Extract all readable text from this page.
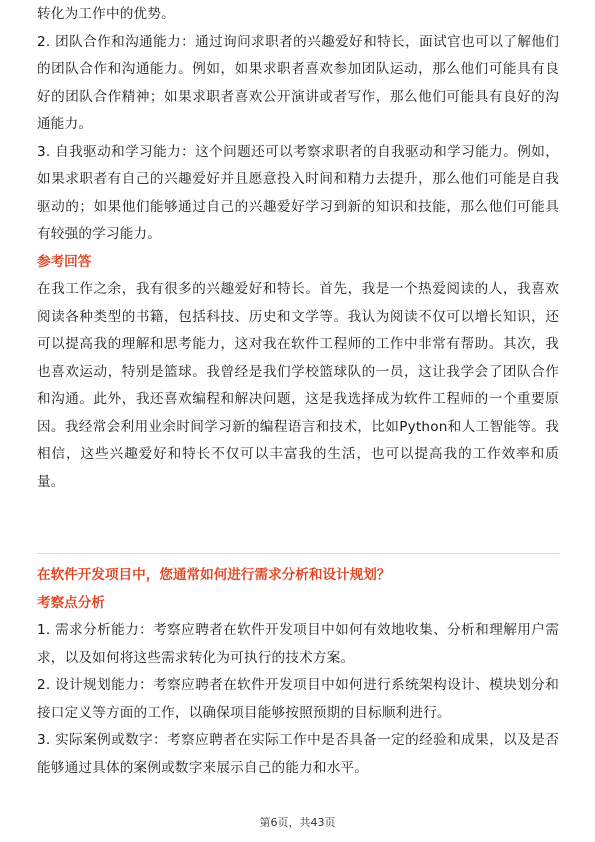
转化为工作中的优势。

2. 团队合作和沟通能力：通过询问求职者的兴趣爱好和特长，面试官也可以了解他们的团队合作和沟通能力。例如，如果求职者喜欢参加团队运动，那么他们可能具有良好的团队合作精神；如果求职者喜欢公开演讲或者写作，那么他们可能具有良好的沟通能力。

3. 自我驱动和学习能力：这个问题还可以考察求职者的自我驱动和学习能力。例如，如果求职者有自己的兴趣爱好并且愿意投入时间和精力去提升，那么他们可能是自我驱动的；如果他们能够通过自己的兴趣爱好学习到新的知识和技能，那么他们可能具有较强的学习能力。

参考回答

在我工作之余，我有很多的兴趣爱好和特长。首先，我是一个热爱阅读的人，我喜欢阅读各种类型的书籍，包括科技、历史和文学等。我认为阅读不仅可以增长知识，还可以提高我的理解和思考能力，这对我在软件工程师的工作中非常有帮助。其次，我也喜欢运动，特别是篮球。我曾经是我们学校篮球队的一员，这让我学会了团队合作和沟通。此外，我还喜欢编程和解决问题，这是我选择成为软件工程师的一个重要原因。我经常会利用业余时间学习新的编程语言和技术，比如Python和人工智能等。我相信，这些兴趣爱好和特长不仅可以丰富我的生活，也可以提高我的工作效率和质量。

在软件开发项目中，您通常如何进行需求分析和设计规划？
考察点分析

1. 需求分析能力：考察应聘者在软件开发项目中如何有效地收集、分析和理解用户需求，以及如何将这些需求转化为可执行的技术方案。

2. 设计规划能力：考察应聘者在软件开发项目中如何进行系统架构设计、模块划分和接口定义等方面的工作，以确保项目能够按照预期的目标顺利进行。

3. 实际案例或数字：考察应聘者在实际工作中是否具备一定的经验和成果，以及是否能够通过具体的案例或数字来展示自己的能力和水平。

第6页，共43页
